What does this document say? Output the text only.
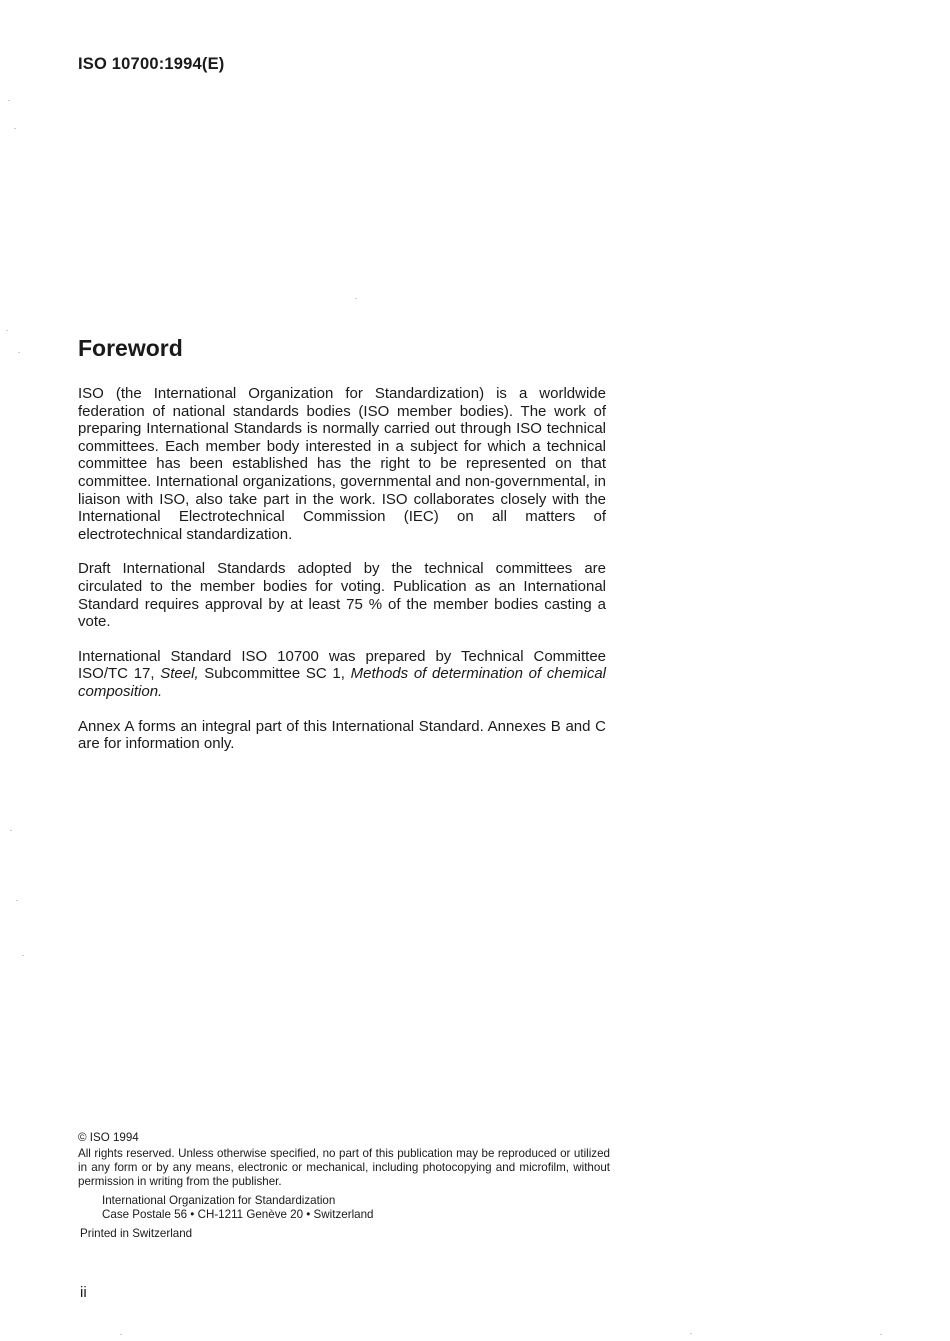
ISO 10700:1994(E)
Foreword

ISO (the International Organization for Standardization) is a worldwide federation of national standards bodies (ISO member bodies). The work of preparing International Standards is normally carried out through ISO technical committees. Each member body interested in a subject for which a technical committee has been established has the right to be represented on that committee. International organizations, governmental and non-governmental, in liaison with ISO, also take part in the work. ISO collaborates closely with the International Electrotechnical Commission (IEC) on all matters of electrotechnical standardization.

Draft International Standards adopted by the technical committees are circulated to the member bodies for voting. Publication as an International Standard requires approval by at least 75 % of the member bodies casting a vote.

International Standard ISO 10700 was prepared by Technical Committee ISO/TC 17, Steel, Subcommittee SC 1, Methods of determination of chemical composition.

Annex A forms an integral part of this International Standard. Annexes B and C are for information only.

© ISO 1994
All rights reserved. Unless otherwise specified, no part of this publication may be reproduced or utilized in any form or by any means, electronic or mechanical, including photocopying and microfilm, without permission in writing from the publisher.
International Organization for Standardization
Case Postale 56 • CH-1211 Genève 20 • Switzerland
Printed in Switzerland
ii
